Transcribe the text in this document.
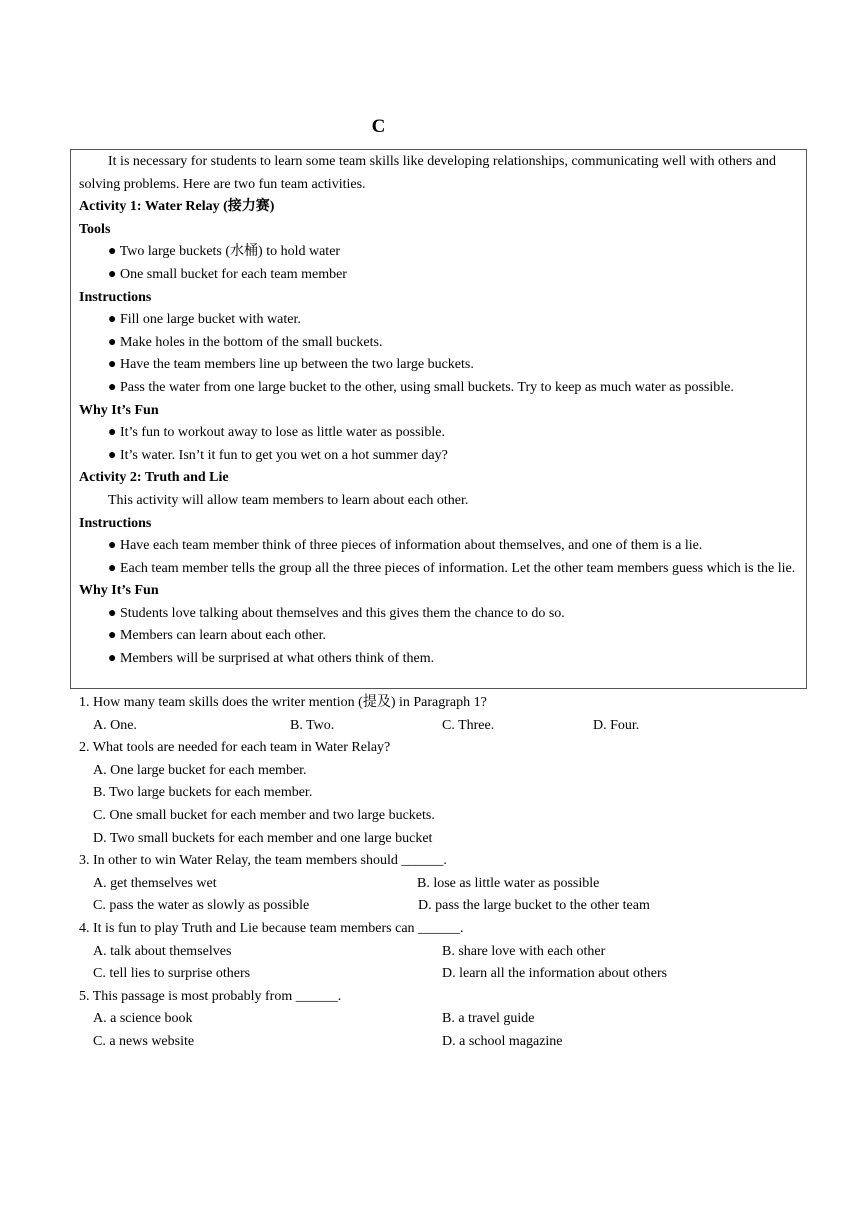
C
It is necessary for students to learn some team skills like developing relationships, communicating well with others and solving problems. Here are two fun team activities.
Activity 1: Water Relay (接力赛)
Tools
● Two large buckets (水桶) to hold water
● One small bucket for each team member
Instructions
● Fill one large bucket with water.
● Make holes in the bottom of the small buckets.
● Have the team members line up between the two large buckets.
● Pass the water from one large bucket to the other, using small buckets. Try to keep as much water as possible.
Why It’s Fun
● It’s fun to workout away to lose as little water as possible.
● It’s water. Isn’t it fun to get you wet on a hot summer day?
Activity 2: Truth and Lie
This activity will allow team members to learn about each other.
Instructions
● Have each team member think of three pieces of information about themselves, and one of them is a lie.
● Each team member tells the group all the three pieces of information. Let the other team members guess which is the lie.
Why It’s Fun
● Students love talking about themselves and this gives them the chance to do so.
● Members can learn about each other.
● Members will be surprised at what others think of them.
1. How many team skills does the writer mention (提及) in Paragraph 1?
A. One.	B. Two.	C. Three.	D. Four.
2. What tools are needed for each team in Water Relay?
A. One large bucket for each member.
B. Two large buckets for each member.
C. One small bucket for each member and two large buckets.
D. Two small buckets for each member and one large bucket
3. In other to win Water Relay, the team members should ______.
A. get themselves wet	B. lose as little water as possible
C. pass the water as slowly as possible	D. pass the large bucket to the other team
4. It is fun to play Truth and Lie because team members can ______.
A. talk about themselves	B. share love with each other
C. tell lies to surprise others	D. learn all the information about others
5. This passage is most probably from ______.
A. a science book	B. a travel guide
C. a news website	D. a school magazine
